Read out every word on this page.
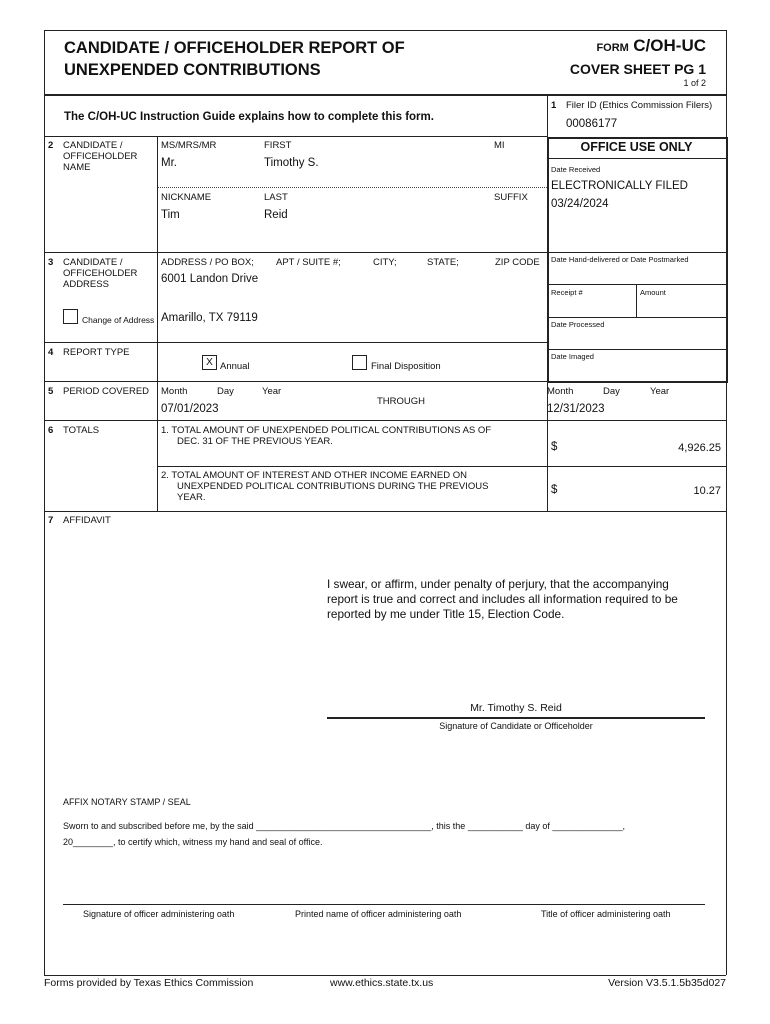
CANDIDATE / OFFICEHOLDER REPORT OF
UNEXPENDED CONTRIBUTIONS
FORM C/OH-UC
COVER SHEET PG 1
1 of 2
The C/OH-UC Instruction Guide explains how to complete this form.
1 Filer ID (Ethics Commission Filers)
00086177
OFFICE USE ONLY
Date Received
ELECTRONICALLY FILED
03/24/2024
Date Hand-delivered or Date Postmarked
Receipt #	Amount
Date Processed
Date Imaged
2 CANDIDATE /
OFFICEHOLDER
NAME
MS/MRS/MR
Mr.
FIRST
Timothy S.
MI
NICKNAME
Tim
LAST
Reid
SUFFIX
3 CANDIDATE /
OFFICEHOLDER
ADDRESS
ADDRESS / PO BOX; APT / SUITE #;	CITY;	STATE;	ZIP CODE
6001 Landon Drive
Amarillo, TX 79119
Change of Address
4 REPORT TYPE
X Annual	Final Disposition
5 PERIOD COVERED Month	Day	Year
07/01/2023
THROUGH
Month	Day	Year
12/31/2023
6 TOTALS	1. TOTAL AMOUNT OF UNEXPENDED POLITICAL CONTRIBUTIONS AS OF
DEC. 31 OF THE PREVIOUS YEAR.	$	4,926.25
2. TOTAL AMOUNT OF INTEREST AND OTHER INCOME EARNED ON
UNEXPENDED POLITICAL CONTRIBUTIONS DURING THE PREVIOUS
YEAR.
$	10.27
7 AFFIDAVIT
I swear, or affirm, under penalty of perjury, that the accompanying
report is true and correct and includes all information required to be
reported by me under Title 15, Election Code.
Mr. Timothy S. Reid
Signature of Candidate or Officeholder
AFFIX NOTARY STAMP / SEAL
Sworn to and subscribed before me, by the said ___________________________________, this the ___________ day of ______________,
20________, to certify which, witness my hand and seal of office.
Signature of officer administering oath	Printed name of officer administering oath	Title of officer administering oath
Forms provided by Texas Ethics Commission	www.ethics.state.tx.us	Version V3.5.1.5b35d027
